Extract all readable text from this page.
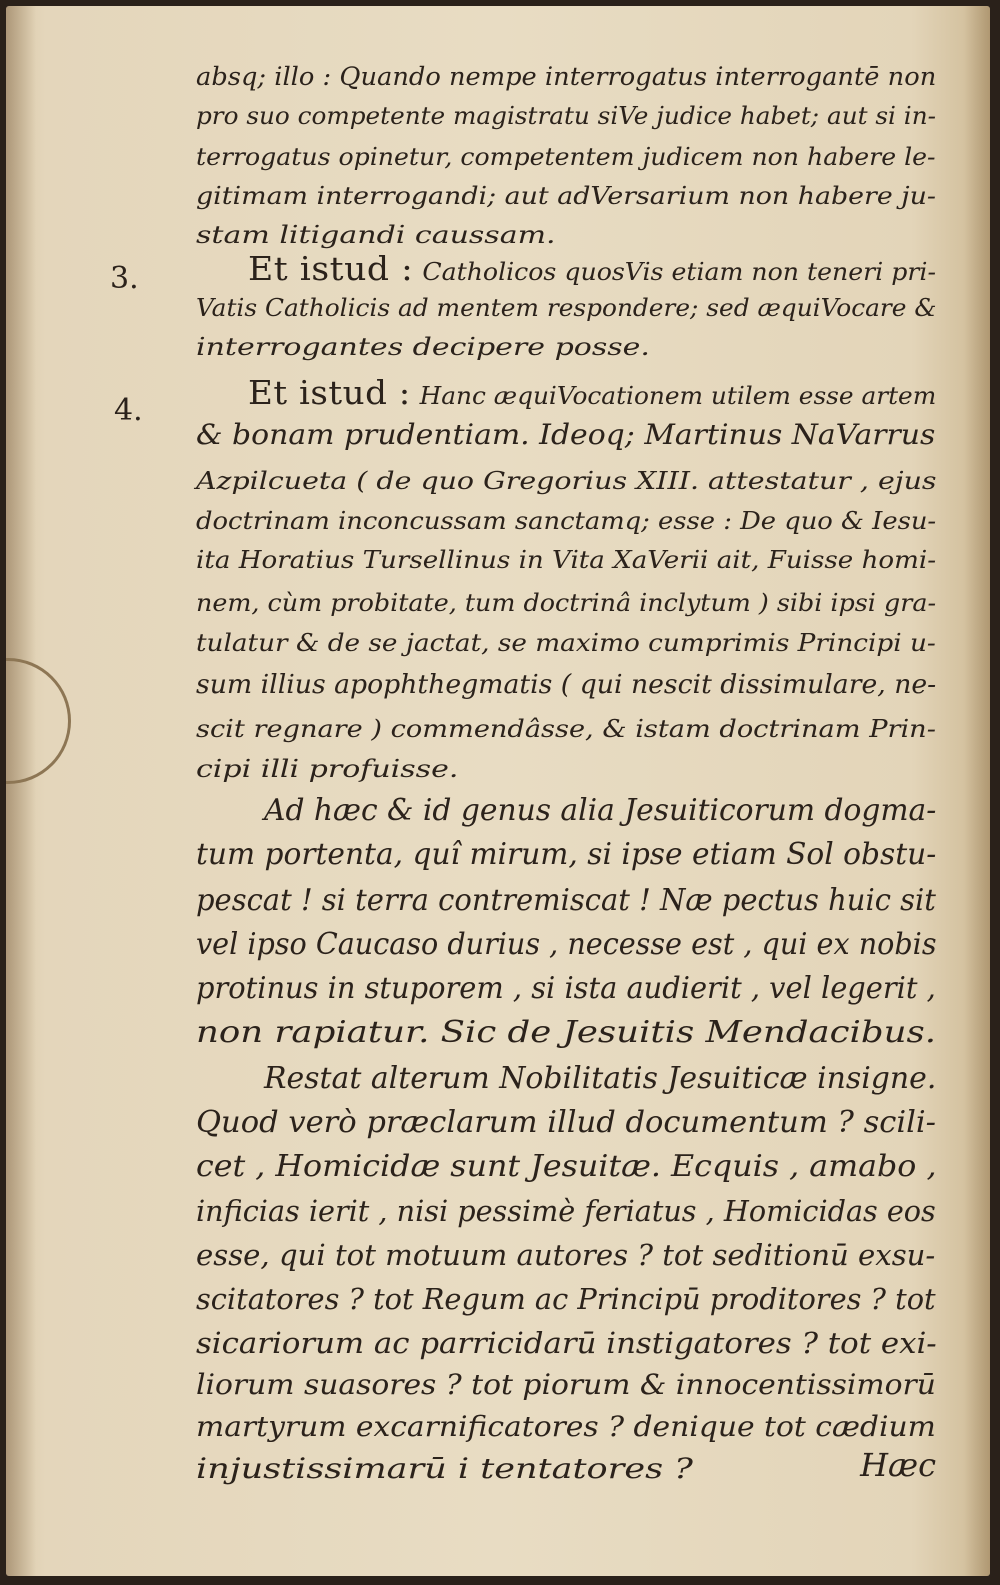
3.
4.
absq; illo : Quando nempe interrogatus interrogantē non
pro suo competente magistratu siVe judice habet; aut si in-
terrogatus opinetur, competentem judicem non habere le-
gitimam interrogandi; aut adVersarium non habere ju-
stam litigandi caussam.
Et istud : Catholicos quosVis etiam non teneri pri-
Vatis Catholicis ad mentem respondere; sed æquiVocare &
interrogantes decipere posse.
Et istud : Hanc æquiVocationem utilem esse artem
& bonam prudentiam. Ideoq; Martinus NaVarrus
Azpilcueta ( de quo Gregorius XIII. attestatur , ejus
doctrinam inconcussam sanctamq; esse : De quo & Iesu-
ita Horatius Tursellinus in Vita XaVerii ait, Fuisse homi-
nem, cùm probitate, tum doctrinâ inclytum ) sibi ipsi gra-
tulatur & de se jactat, se maximo cumprimis Principi u-
sum illius apophthegmatis ( qui nescit dissimulare, ne-
scit regnare ) commendâsse, & istam doctrinam Prin-
cipi illi profuisse.
Ad hæc & id genus alia Jesuiticorum dogma-
tum portenta, quî mirum, si ipse etiam Sol obstu-
pescat ! si terra contremiscat ! Næ pectus huic sit
vel ipso Caucaso durius , necesse est , qui ex nobis
protinus in stuporem , si ista audierit , vel legerit ,
non rapiatur. Sic de Jesuitis Mendacibus.
Restat alterum Nobilitatis Jesuiticæ insigne.
Quod verò præclarum illud documentum ? scili-
cet , Homicidæ sunt Jesuitæ. Ecquis , amabo ,
inficias ierit , nisi pessimè feriatus , Homicidas eos
esse, qui tot motuum autores ? tot seditionū exsu-
scitatores ? tot Regum ac Principū proditores ? tot
sicariorum ac parricidarū instigatores ? tot exi-
liorum suasores ? tot piorum & innocentissimorū
martyrum excarnificatores ? denique tot cædium
injustissimarū i tentatores ?	Hæc
